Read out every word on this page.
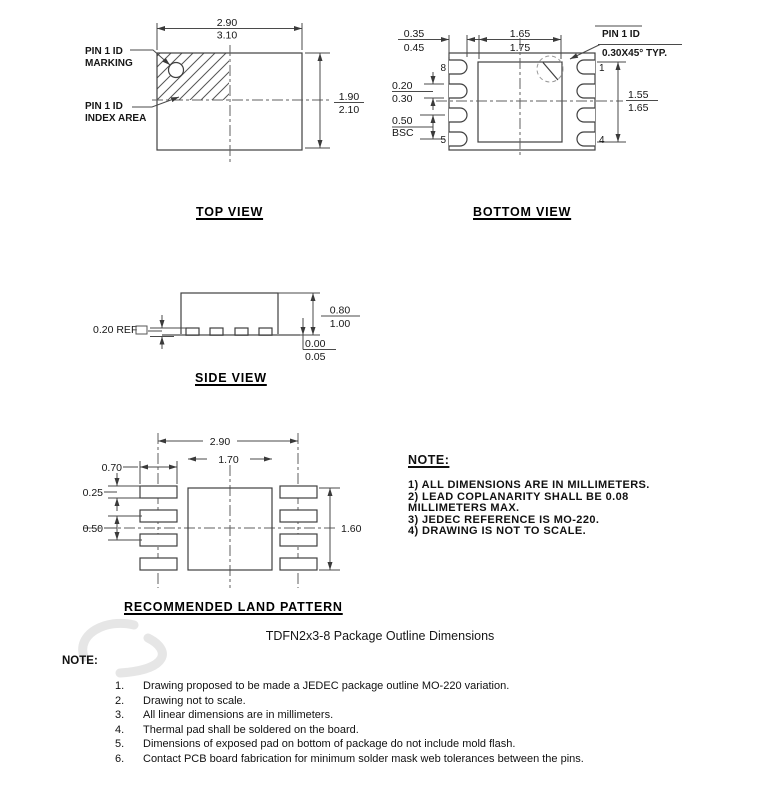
2.90
3.10
1.90
2.10
PIN 1 ID
MARKING
PIN 1 ID
INDEX AREA
TOP VIEW
0.35
0.45
1.65
1.75
PIN 1 ID
0.30X45° TYP.
0.20
0.30
0.50
BSC
1.55
1.65
8
5
1
4
BOTTOM VIEW
0.80
1.00
0.00
0.05
0.20 REF
SIDE VIEW
2.90
1.70
0.70
0.25
0.50	1.60
RECOMMENDED LAND PATTERN
NOTE:
1) ALL DIMENSIONS ARE IN MILLIMETERS.
2) LEAD COPLANARITY SHALL BE 0.08
MILLIMETERS MAX.
3) JEDEC REFERENCE IS MO-220.
4) DRAWING IS NOT TO SCALE.
TDFN2x3-8 Package Outline Dimensions
NOTE:
1.	Drawing proposed to be made a JEDEC package outline MO-220 variation.
2.	Drawing not to scale.
3.	All linear dimensions are in millimeters.
4.	Thermal pad shall be soldered on the board.
5.	Dimensions of exposed pad on bottom of package do not include mold flash.
6.	Contact PCB board fabrication for minimum solder mask web tolerances between the pins.
